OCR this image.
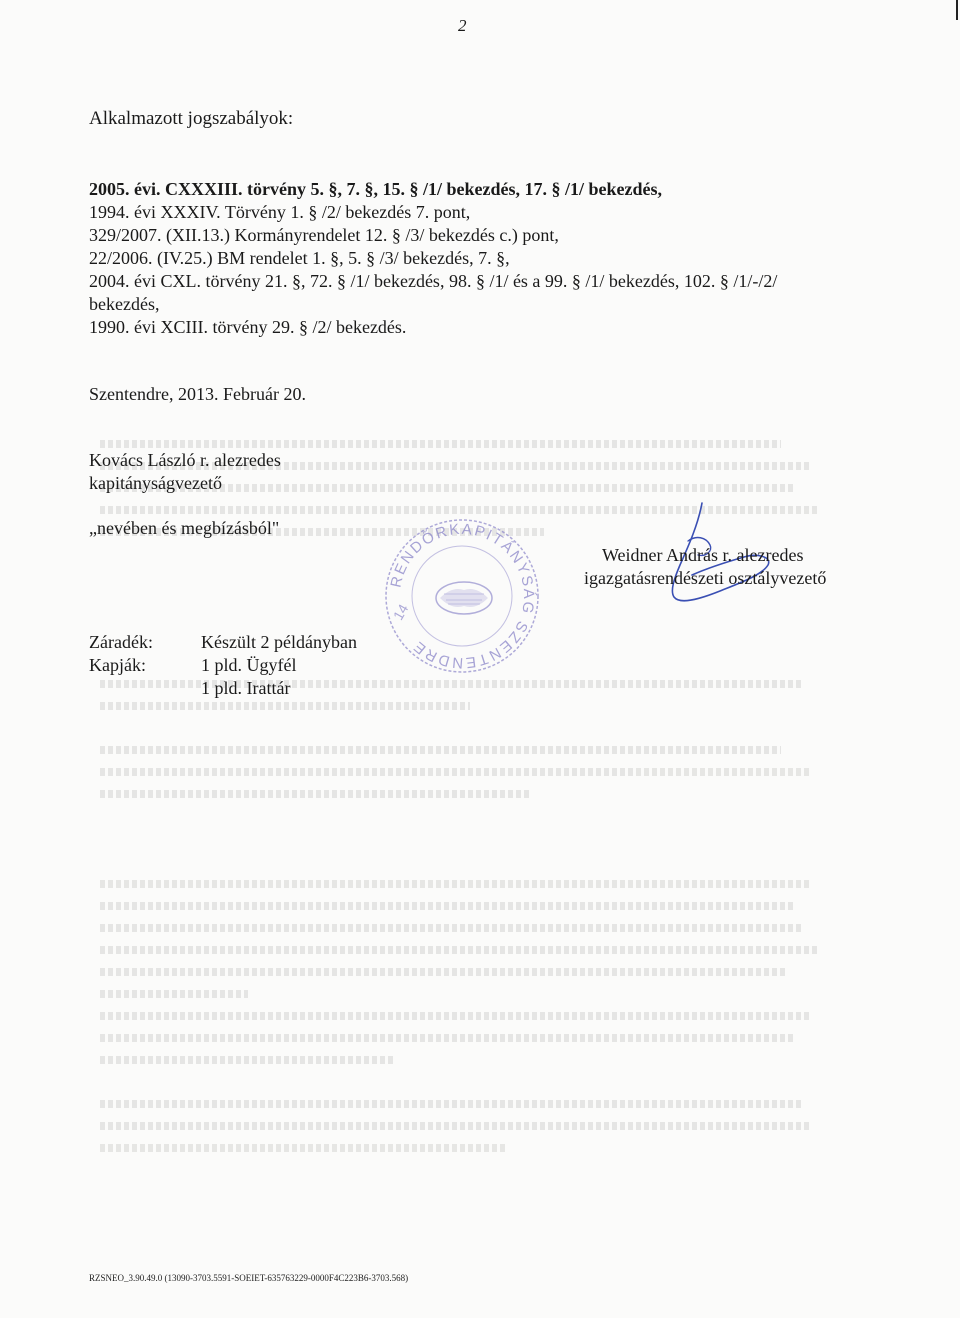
2
Alkalmazott jogszabályok:
2005. évi. CXXXIII. törvény 5. §, 7. §, 15. § /1/ bekezdés, 17. § /1/ bekezdés,
1994. évi XXXIV. Törvény 1. § /2/ bekezdés 7. pont,
329/2007. (XII.13.) Kormányrendelet 12. § /3/ bekezdés c.) pont,
22/2006. (IV.25.) BM rendelet 1. §, 5. § /3/ bekezdés, 7. §,
2004. évi CXL. törvény 21. §, 72. § /1/ bekezdés, 98. § /1/ és a 99. § /1/ bekezdés, 102. § /1/-/2/
bekezdés,
1990. évi XCIII. törvény 29. § /2/ bekezdés.
Szentendre, 2013. Február 20.
Kovács László r. alezredes
kapitányságvezető
„nevében és megbízásból"
RENDŐRKAPITÁNYSÁG SZENTENDRE
14
Weidner András r. alezredes
igazgatásrendészeti osztályvezető
Záradék:	Készült 2 példányban
Kapják:	1 pld. Ügyfél
1 pld. Irattár
RZSNEO_3.90.49.0 (13090-3703.5591-SOEIET-635763229-0000F4C223B6-3703.568)
